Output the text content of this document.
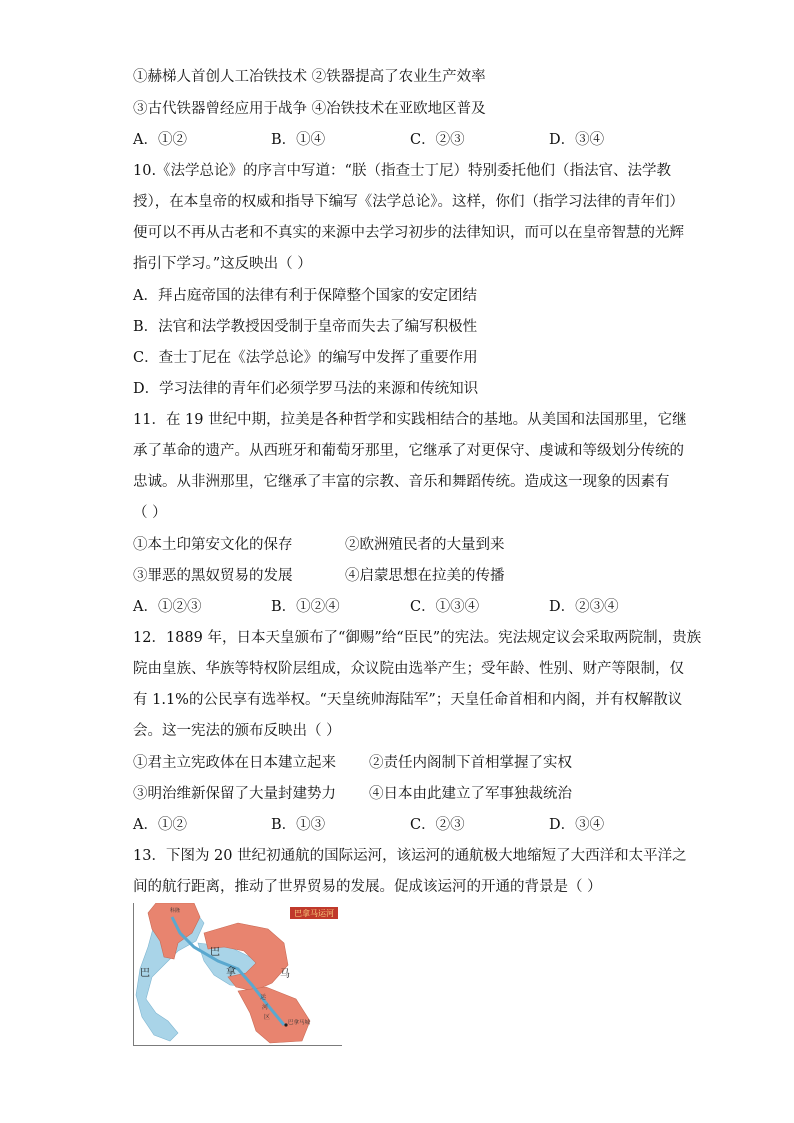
①赫梯人首创人工冶铁技术 ②铁器提高了农业生产效率
③古代铁器曾经应用于战争 ④冶铁技术在亚欧地区普及
A．①②	B．①④	C．②③	D．③④
10.《法学总论》的序言中写道：“朕（指查士丁尼）特别委托他们（指法官、法学教
授），在本皇帝的权威和指导下编写《法学总论》。这样，你们（指学习法律的青年们）
便可以不再从古老和不真实的来源中去学习初步的法律知识，而可以在皇帝智慧的光辉
指引下学习。”这反映出（ ）
A．拜占庭帝国的法律有利于保障整个国家的安定团结
B．法官和法学教授因受制于皇帝而失去了编写积极性
C．查士丁尼在《法学总论》的编写中发挥了重要作用
D．学习法律的青年们必须学罗马法的来源和传统知识
11．在 19 世纪中期，拉美是各种哲学和实践相结合的基地。从美国和法国那里，它继
承了革命的遗产。从西班牙和葡萄牙那里，它继承了对更保守、虔诚和等级划分传统的
忠诚。从非洲那里，它继承了丰富的宗教、音乐和舞蹈传统。造成这一现象的因素有
（ ）
①本土印第安文化的保存	②欧洲殖民者的大量到来
③罪恶的黑奴贸易的发展	④启蒙思想在拉美的传播
A．①②③	B．①②④	C．①③④	D．②③④
12．1889 年，日本天皇颁布了“御赐”给“臣民”的宪法。宪法规定议会采取两院制，贵族
院由皇族、华族等特权阶层组成，众议院由选举产生；受年龄、性别、财产等限制，仅
有 1.1%的公民享有选举权。“天皇统帅海陆军”；天皇任命首相和内阁，并有权解散议
会。这一宪法的颁布反映出（ ）
①君主立宪政体在日本建立起来 ②责任内阁制下首相掌握了实权
③明治维新保留了大量封建势力 ④日本由此建立了军事独裁统治
A．①②	B．①③	C．②③	D．③④
13．下图为 20 世纪初通航的国际运河，该运河的通航极大地缩短了大西洋和太平洋之
间的航行距离，推动了世界贸易的发展。促成该运河的开通的背景是（ ）
巴拿马运河
科隆
巴
巴
拿	马
运
河
区
巴拿马城
